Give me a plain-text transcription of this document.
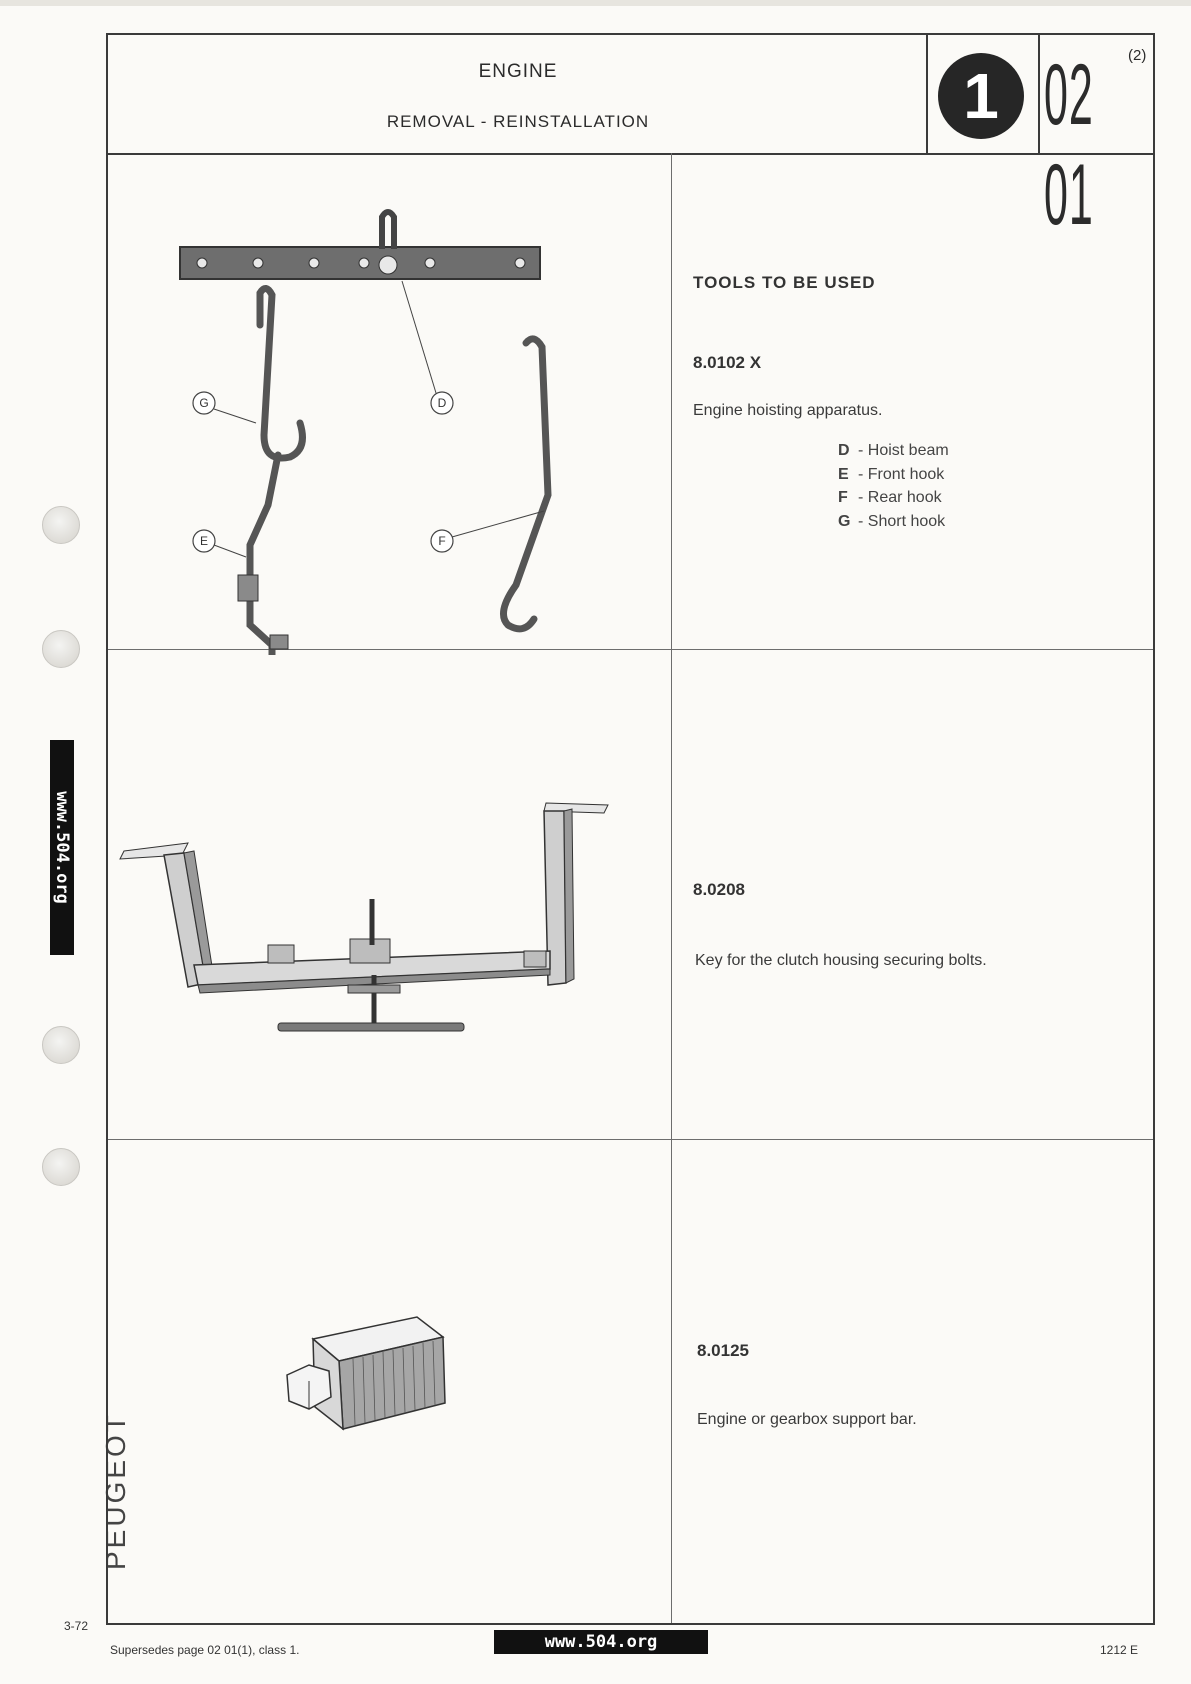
www.504.org
PEUGEOT
ENGINE
REMOVAL - REINSTALLATION	1 02 01
(2)
G	D
E	F
TOOLS TO BE USED
8.0102 X
Engine hoisting apparatus.
D - Hoist beam
E - Front hook
F - Rear hook
G - Short hook
8.0208
Key for the clutch housing securing bolts.
8.0125
Engine or gearbox support bar.
3-72
Supersedes page 02 01(1), class 1.	www.504.org	1212 E
